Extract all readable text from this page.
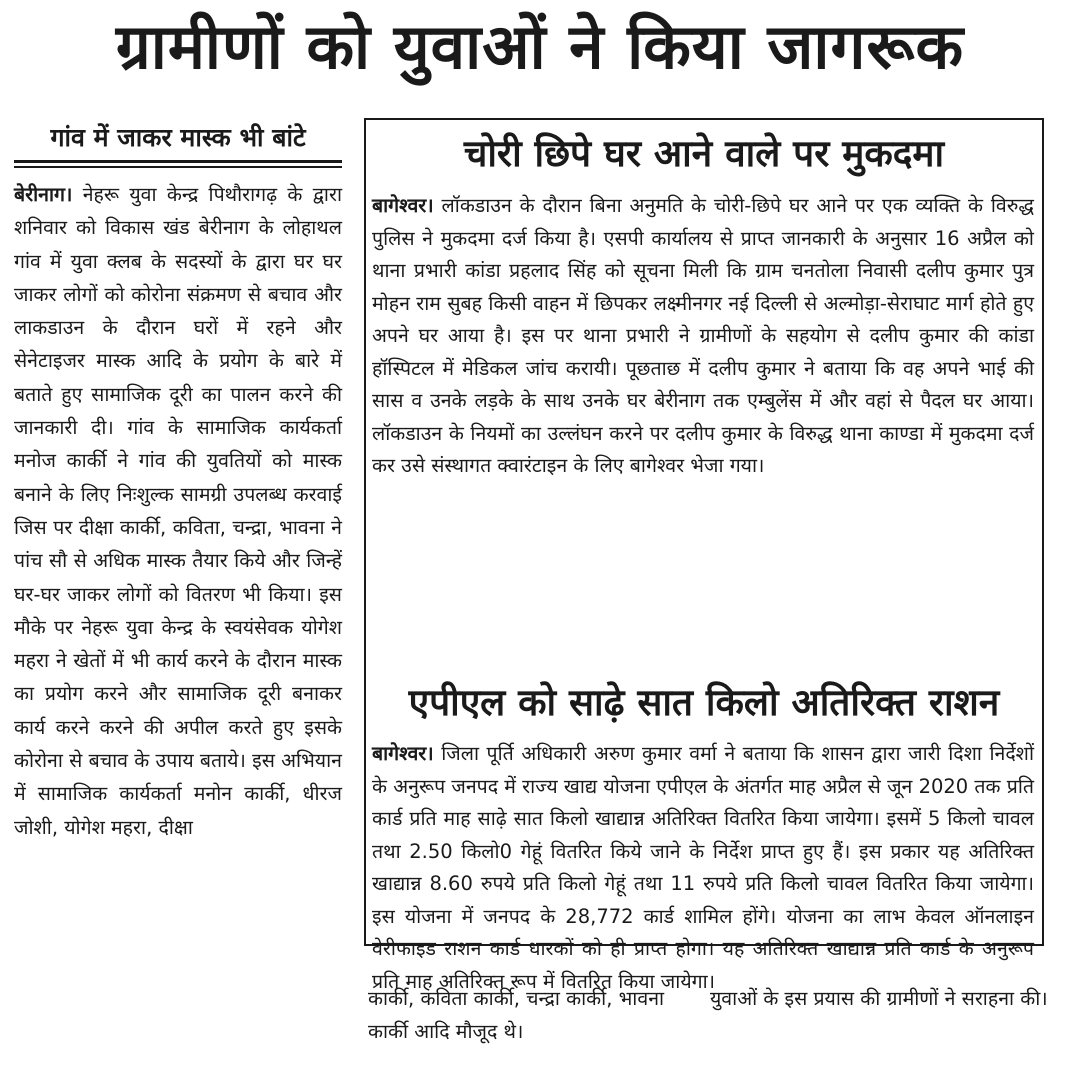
ग्रामीणों को युवाओं ने किया जागरूक
गांव में जाकर मास्क भी बांटे
बेरीनाग। नेहरू युवा केन्द्र पिथौरागढ़ के द्वारा शनिवार को विकास खंड बेरीनाग के लोहाथल गांव में युवा क्लब के सदस्यों के द्वारा घर घर जाकर लोगों को कोरोना संक्रमण से बचाव और लाकडाउन के दौरान घरों में रहने और सेनेटाइजर मास्क आदि के प्रयोग के बारे में बताते हुए सामाजिक दूरी का पालन करने की जानकारी दी। गांव के सामाजिक कार्यकर्ता मनोज कार्की ने गांव की युवतियों को मास्क बनाने के लिए निःशुल्क सामग्री उपलब्ध करवाई जिस पर दीक्षा कार्की, कविता, चन्द्रा, भावना ने पांच सौ से अधिक मास्क तैयार किये और जिन्हें घर-घर जाकर लोगों को वितरण भी किया। इस मौके पर नेहरू युवा केन्द्र के स्वयंसेवक योगेश महरा ने खेतों में भी कार्य करने के दौरान मास्क का प्रयोग करने और सामाजिक दूरी बनाकर कार्य करने करने की अपील करते हुए इसके कोरोना से बचाव के उपाय बताये। इस अभियान में सामाजिक कार्यकर्ता मनोन कार्की, धीरज जोशी, योगेश महरा, दीक्षा
चोरी छिपे घर आने वाले पर मुकदमा
बागेश्वर। लॉकडाउन के दौरान बिना अनुमति के चोरी-छिपे घर आने पर एक व्यक्ति के विरुद्ध पुलिस ने मुकदमा दर्ज किया है। एसपी कार्यालय से प्राप्त जानकारी के अनुसार 16 अप्रैल को थाना प्रभारी कांडा प्रहलाद सिंह को सूचना मिली कि ग्राम चनतोला निवासी दलीप कुमार पुत्र मोहन राम सुबह किसी वाहन में छिपकर लक्ष्मीनगर नई दिल्ली से अल्मोड़ा-सेराघाट मार्ग होते हुए अपने घर आया है। इस पर थाना प्रभारी ने ग्रामीणों के सहयोग से दलीप कुमार की कांडा हॉस्पिटल में मेडिकल जांच करायी। पूछताछ में दलीप कुमार ने बताया कि वह अपने भाई की सास व उनके लड़के के साथ उनके घर बेरीनाग तक एम्बुलेंस में और वहां से पैदल घर आया। लॉकडाउन के नियमों का उल्लंघन करने पर दलीप कुमार के विरुद्ध थाना काण्डा में मुकदमा दर्ज कर उसे संस्थागत क्वारंटाइन के लिए बागेश्वर भेजा गया।
एपीएल को साढ़े सात किलो अतिरिक्त राशन
बागेश्वर। जिला पूर्ति अधिकारी अरुण कुमार वर्मा ने बताया कि शासन द्वारा जारी दिशा निर्देशों के अनुरूप जनपद में राज्य खाद्य योजना एपीएल के अंतर्गत माह अप्रैल से जून 2020 तक प्रति कार्ड प्रति माह साढ़े सात किलो खाद्यान्न अतिरिक्त वितरित किया जायेगा। इसमें 5 किलो चावल तथा 2.50 किलो0 गेहूं वितरित किये जाने के निर्देश प्राप्त हुए हैं। इस प्रकार यह अतिरिक्त खाद्यान्न 8.60 रुपये प्रति किलो गेहूं तथा 11 रुपये प्रति किलो चावल वितरित किया जायेगा। इस योजना में जनपद के 28,772 कार्ड शामिल होंगे। योजना का लाभ केवल ऑनलाइन वेरीफाइड राशन कार्ड धारकों को ही प्राप्त होगा। यह अतिरिक्त खाद्यान्न प्रति कार्ड के अनुरूप प्रति माह अतिरिक्त रूप में वितरित किया जायेगा।
कार्की, कविता कार्की, चन्द्रा कार्की, भावना कार्की आदि मौजूद थे।
युवाओं के इस प्रयास की ग्रामीणों ने सराहना की।
